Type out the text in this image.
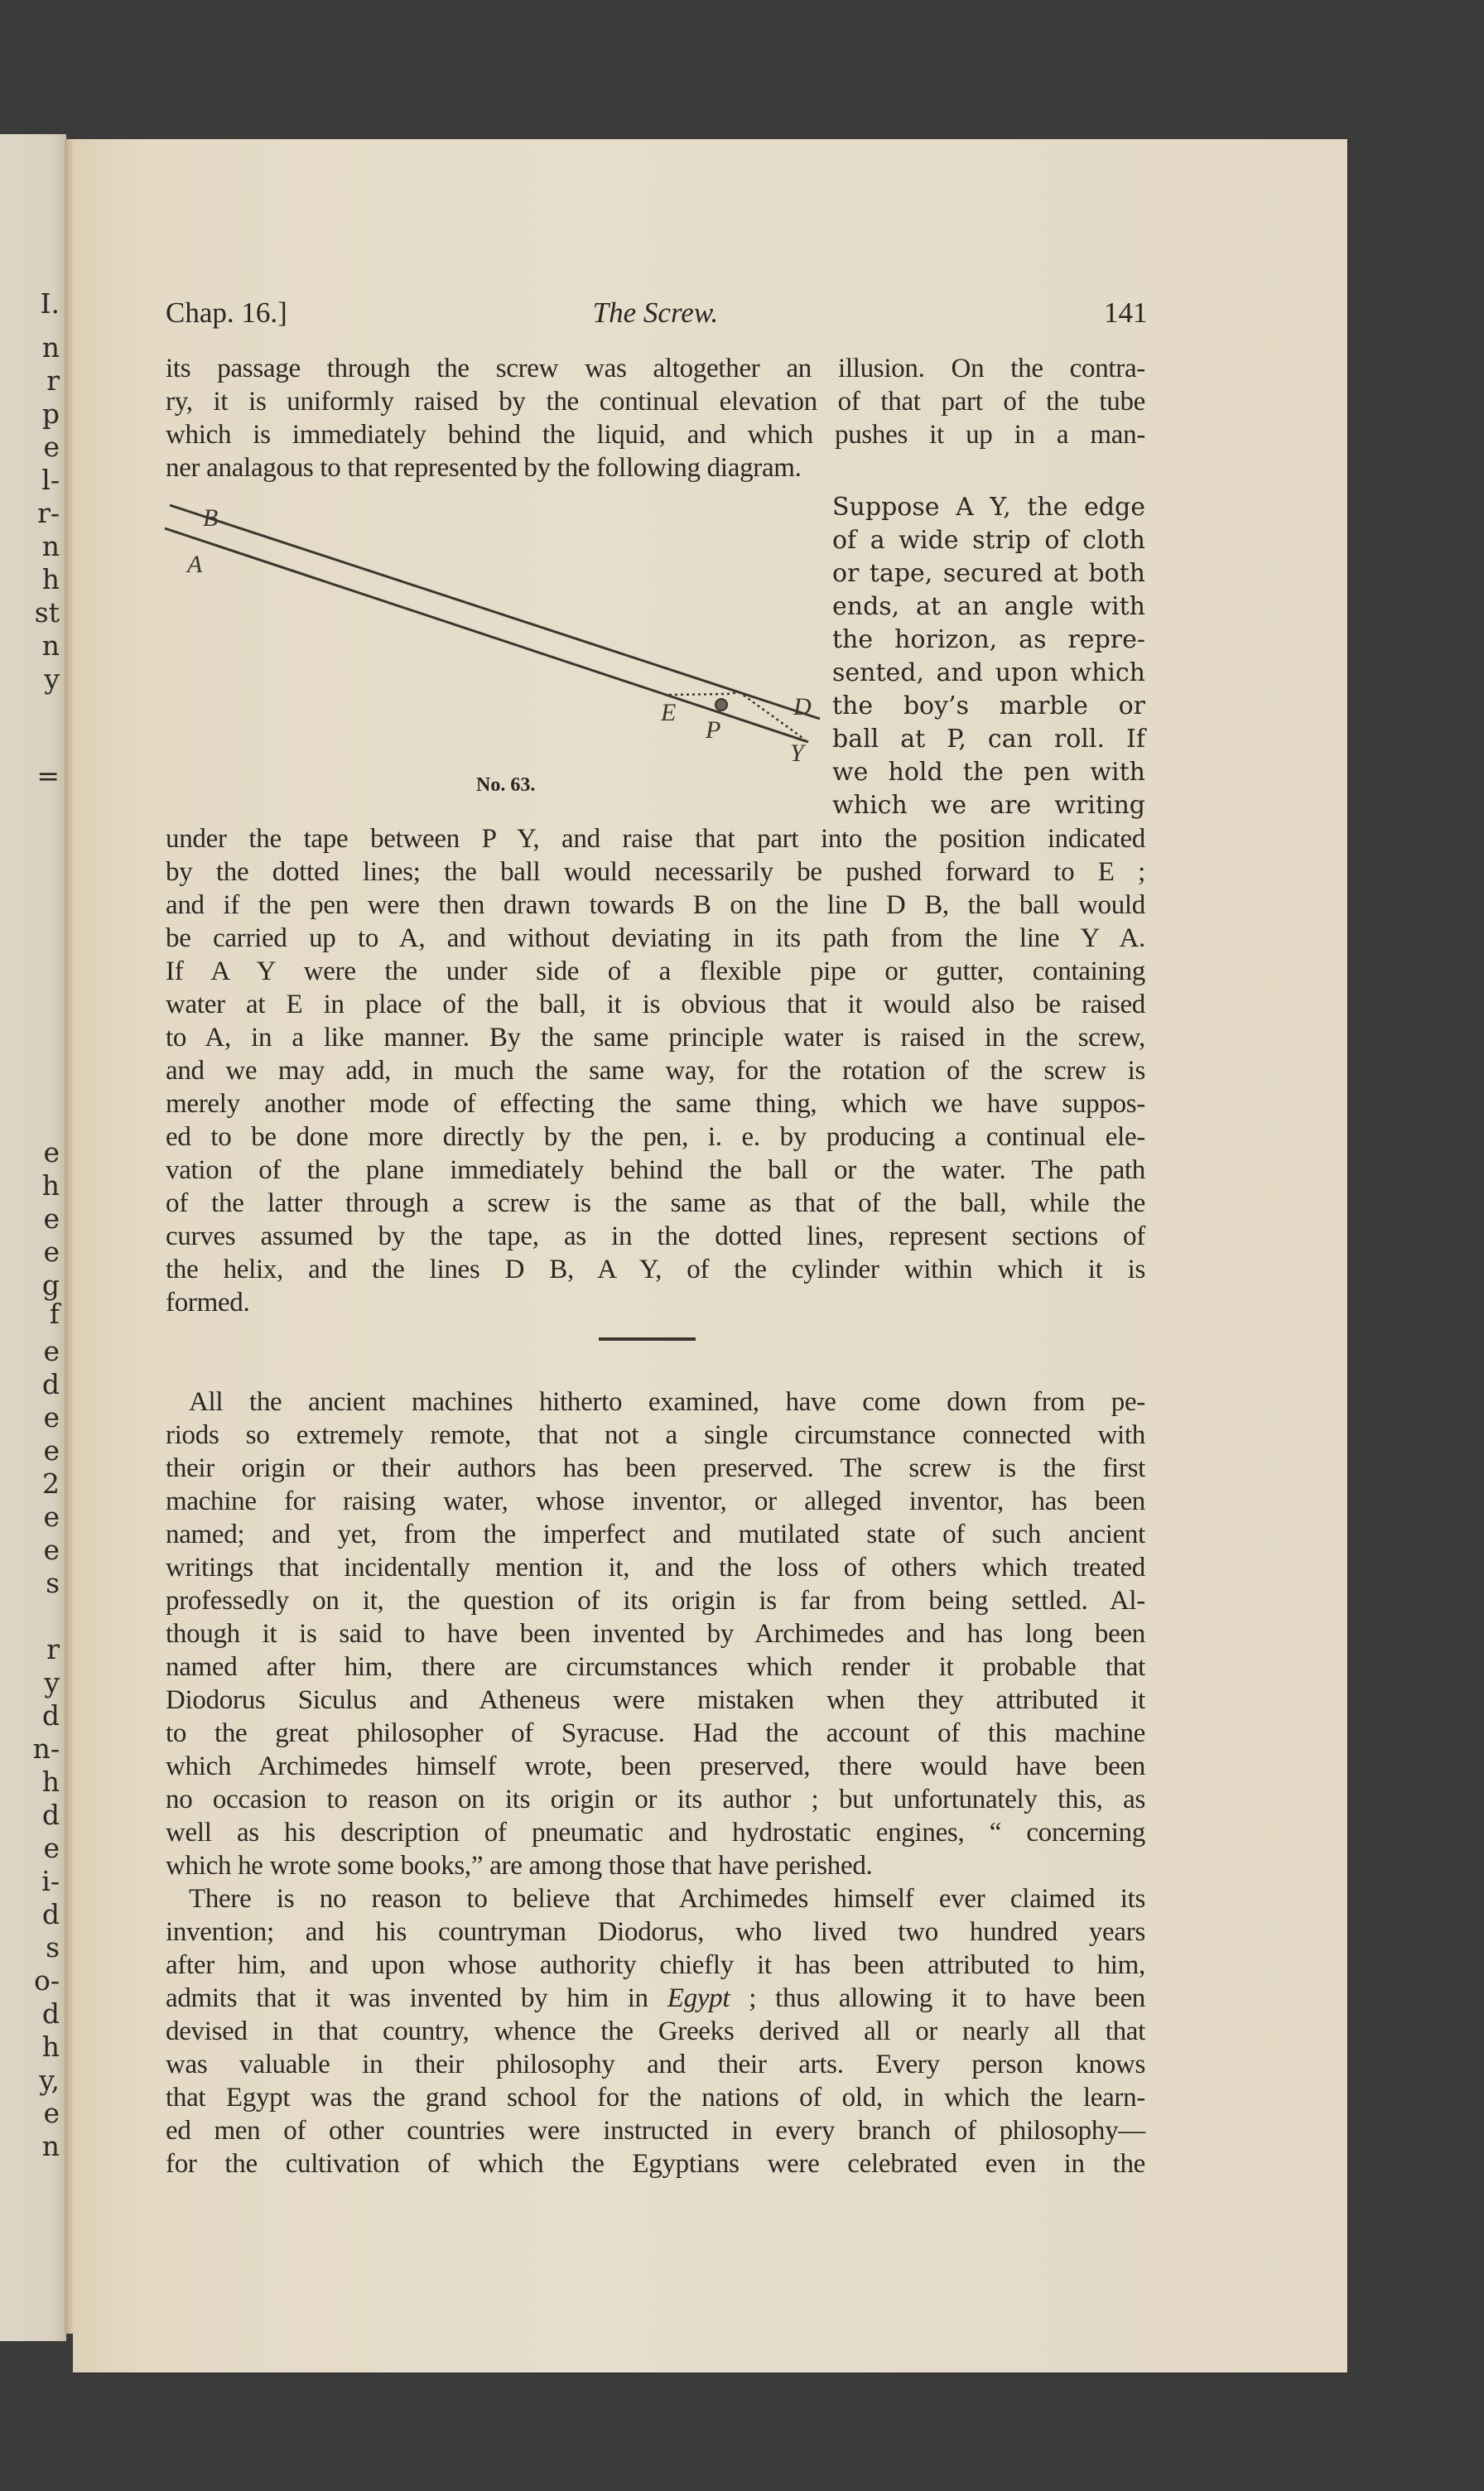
I.
n
r
p
e
l-
r-
n
h
st
n
y
=
e
h
e
e
g
f
e
d
e
e
2
e
e
s
r
y
d
n-
h
d
e
i-
d
s
o-
d
h
y,
e
n
Chap. 16.]	The Screw.	141
its passage through the screw was altogether an illusion. On the contra-
ry, it is uniformly raised by the continual elevation of that part of the tube
which is immediately behind the liquid, and which pushes it up in a man-
ner analagous to that represented by the following diagram.
B
A
E
P
D
Y
No. 63.
Suppose A Y, the edge
of a wide strip of cloth
or tape, secured at both
ends, at an angle with
the horizon, as repre-
sented, and upon which
the boy’s marble or
ball at P, can roll. If
we hold the pen with
which we are writing
under the tape between P Y, and raise that part into the position indicated
by the dotted lines; the ball would necessarily be pushed forward to E ;
and if the pen were then drawn towards B on the line D B, the ball would
be carried up to A, and without deviating in its path from the line Y A.
If A Y were the under side of a flexible pipe or gutter, containing
water at E in place of the ball, it is obvious that it would also be raised
to A, in a like manner. By the same principle water is raised in the screw,
and we may add, in much the same way, for the rotation of the screw is
merely another mode of effecting the same thing, which we have suppos-
ed to be done more directly by the pen, i. e. by producing a continual ele-
vation of the plane immediately behind the ball or the water. The path
of the latter through a screw is the same as that of the ball, while the
curves assumed by the tape, as in the dotted lines, represent sections of
the helix, and the lines D B, A Y, of the cylinder within which it is
formed.
All the ancient machines hitherto examined, have come down from pe-
riods so extremely remote, that not a single circumstance connected with
their origin or their authors has been preserved. The screw is the first
machine for raising water, whose inventor, or alleged inventor, has been
named; and yet, from the imperfect and mutilated state of such ancient
writings that incidentally mention it, and the loss of others which treated
professedly on it, the question of its origin is far from being settled. Al-
though it is said to have been invented by Archimedes and has long been
named after him, there are circumstances which render it probable that
Diodorus Siculus and Atheneus were mistaken when they attributed it
to the great philosopher of Syracuse. Had the account of this machine
which Archimedes himself wrote, been preserved, there would have been
no occasion to reason on its origin or its author ; but unfortunately this, as
well as his description of pneumatic and hydrostatic engines, “ concerning
which he wrote some books,” are among those that have perished.
There is no reason to believe that Archimedes himself ever claimed its
invention; and his countryman Diodorus, who lived two hundred years
after him, and upon whose authority chiefly it has been attributed to him,
admits that it was invented by him in Egypt ; thus allowing it to have been
devised in that country, whence the Greeks derived all or nearly all that
was valuable in their philosophy and their arts. Every person knows
that Egypt was the grand school for the nations of old, in which the learn-
ed men of other countries were instructed in every branch of philosophy—
for the cultivation of which the Egyptians were celebrated even in the
